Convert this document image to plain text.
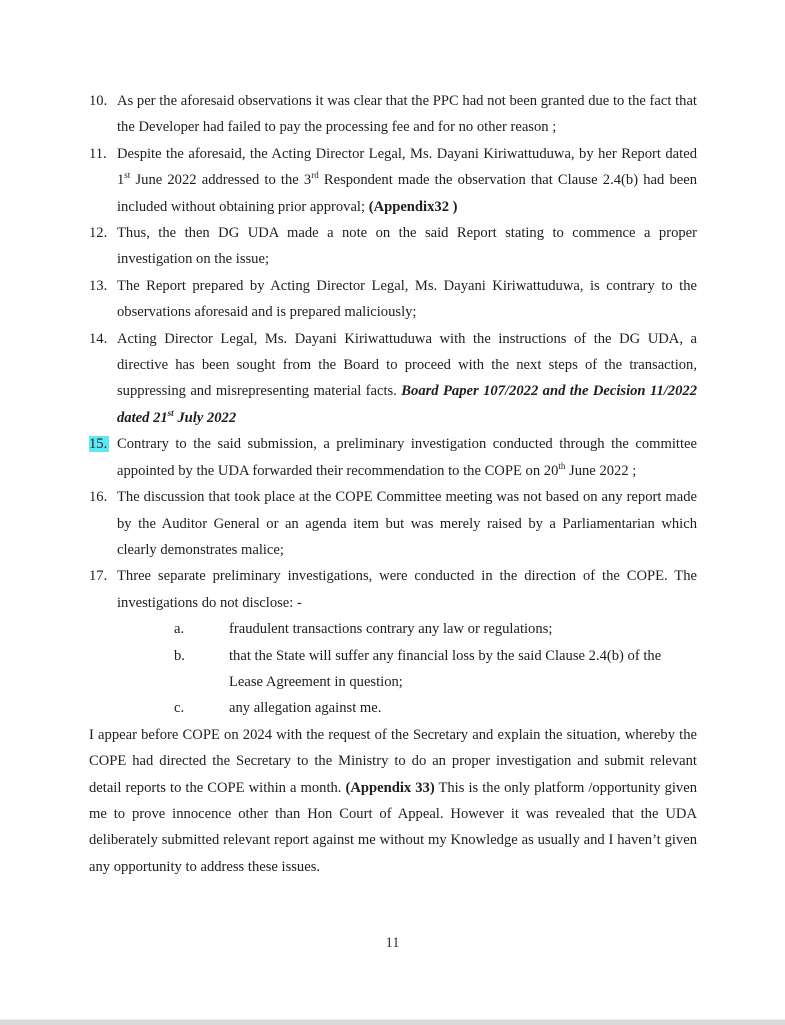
10. As per the aforesaid observations it was clear that the PPC had not been granted due to the fact that the Developer had failed to pay the processing fee and for no other reason ;
11. Despite the aforesaid, the Acting Director Legal, Ms. Dayani Kiriwattuduwa, by her Report dated 1st June 2022 addressed to the 3rd Respondent made the observation that Clause 2.4(b) had been included without obtaining prior approval; (Appendix32 )
12. Thus, the then DG UDA made a note on the said Report stating to commence a proper investigation on the issue;
13. The Report prepared by Acting Director Legal, Ms. Dayani Kiriwattuduwa, is contrary to the observations aforesaid and is prepared maliciously;
14. Acting Director Legal, Ms. Dayani Kiriwattuduwa with the instructions of the DG UDA, a directive has been sought from the Board to proceed with the next steps of the transaction, suppressing and misrepresenting material facts. Board Paper 107/2022 and the Decision 11/2022 dated 21st July 2022
15. Contrary to the said submission, a preliminary investigation conducted through the committee appointed by the UDA forwarded their recommendation to the COPE on 20th June 2022 ;
16. The discussion that took place at the COPE Committee meeting was not based on any report made by the Auditor General or an agenda item but was merely raised by a Parliamentarian which clearly demonstrates malice;
17. Three separate preliminary investigations, were conducted in the direction of the COPE. The investigations do not disclose: -
a.	fraudulent transactions contrary any law or regulations;
b.	that the State will suffer any financial loss by the said Clause 2.4(b) of the Lease Agreement in question;
c.	any allegation against me.
I appear before COPE on 2024 with the request of the Secretary and explain the situation, whereby the COPE had directed the Secretary to the Ministry to do an proper investigation and submit relevant detail reports to the COPE within a month. (Appendix 33) This is the only platform /opportunity given me to prove innocence other than Hon Court of Appeal. However it was revealed that the UDA deliberately submitted relevant report against me without my Knowledge as usually and I haven’t given any opportunity to address these issues.
11
